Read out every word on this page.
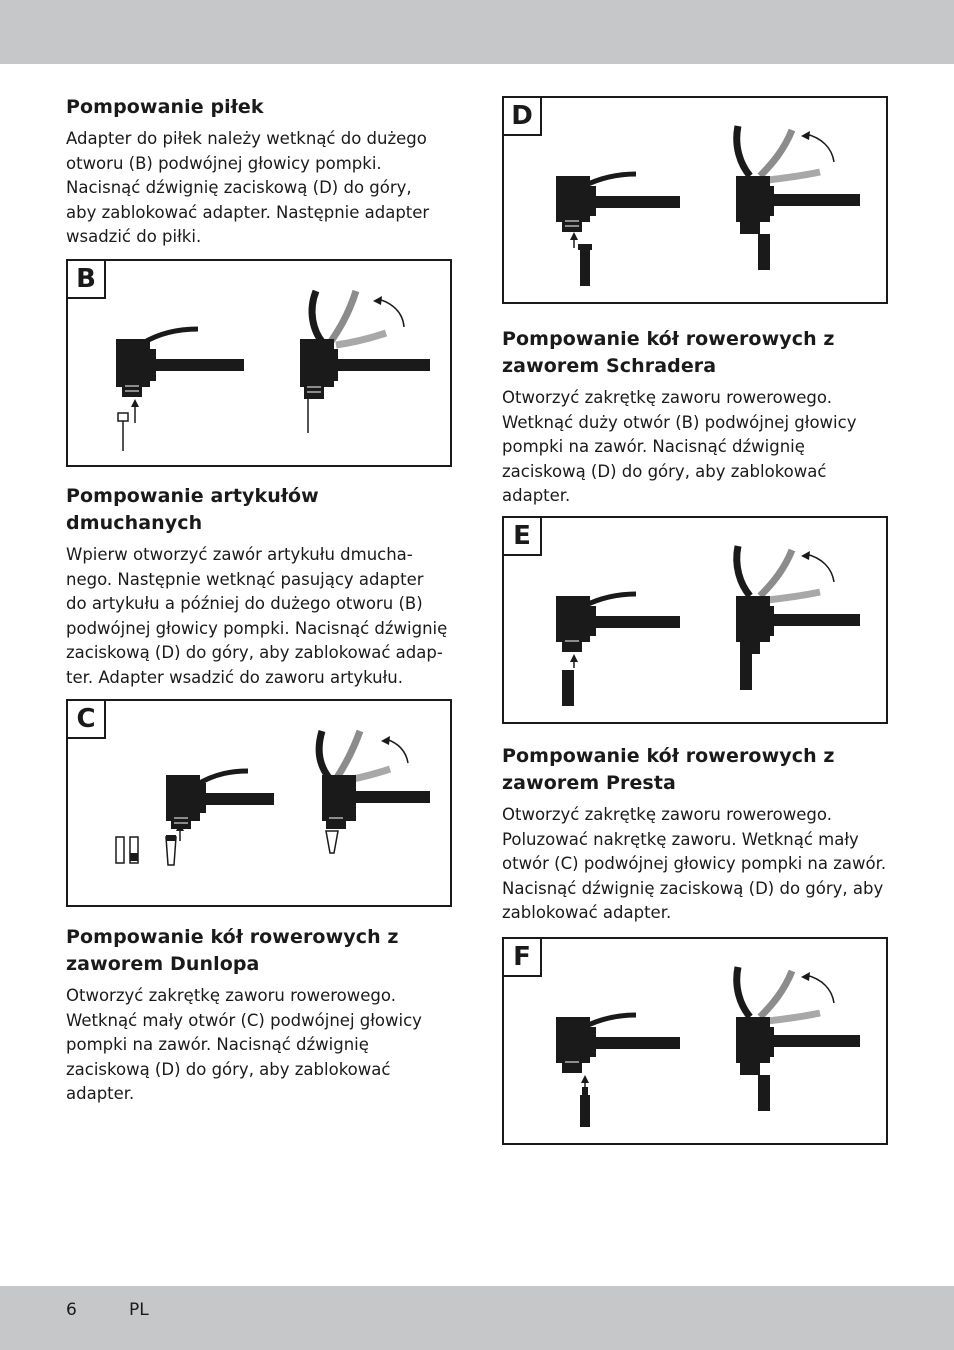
Pompowanie piłek

Adapter do piłek należy wetknąć do dużego
otworu (B) podwójnej głowicy pompki.
Nacisnąć dźwignię zaciskową (D) do góry,
aby zablokować adapter. Następnie adapter
wsadzić do piłki.

B
Pompowanie artykułów
dmuchanych

Wpierw otworzyć zawór artykułu dmucha-
nego. Następnie wetknąć pasujący adapter
do artykułu a później do dużego otworu (B)
podwójnej głowicy pompki. Nacisnąć dźwignię
zaciskową (D) do góry, aby zablokować adap-
ter. Adapter wsadzić do zaworu artykułu.

C
Pompowanie kół rowerowych z
zaworem Dunlopa

Otworzyć zakrętkę zaworu rowerowego.
Wetknąć mały otwór (C) podwójnej głowicy
pompki na zawór. Nacisnąć dźwignię
zaciskową (D) do góry, aby zablokować
adapter.

D
Pompowanie kół rowerowych z
zaworem Schradera

Otworzyć zakrętkę zaworu rowerowego.
Wetknąć duży otwór (B) podwójnej głowicy
pompki na zawór. Nacisnąć dźwignię
zaciskową (D) do góry, aby zablokować
adapter.

E
Pompowanie kół rowerowych z
zaworem Presta

Otworzyć zakrętkę zaworu rowerowego.
Poluzować nakrętkę zaworu. Wetknąć mały
otwór (C) podwójnej głowicy pompki na zawór.
Nacisnąć dźwignię zaciskową (D) do góry, aby
zablokować adapter.

F
6	PL
